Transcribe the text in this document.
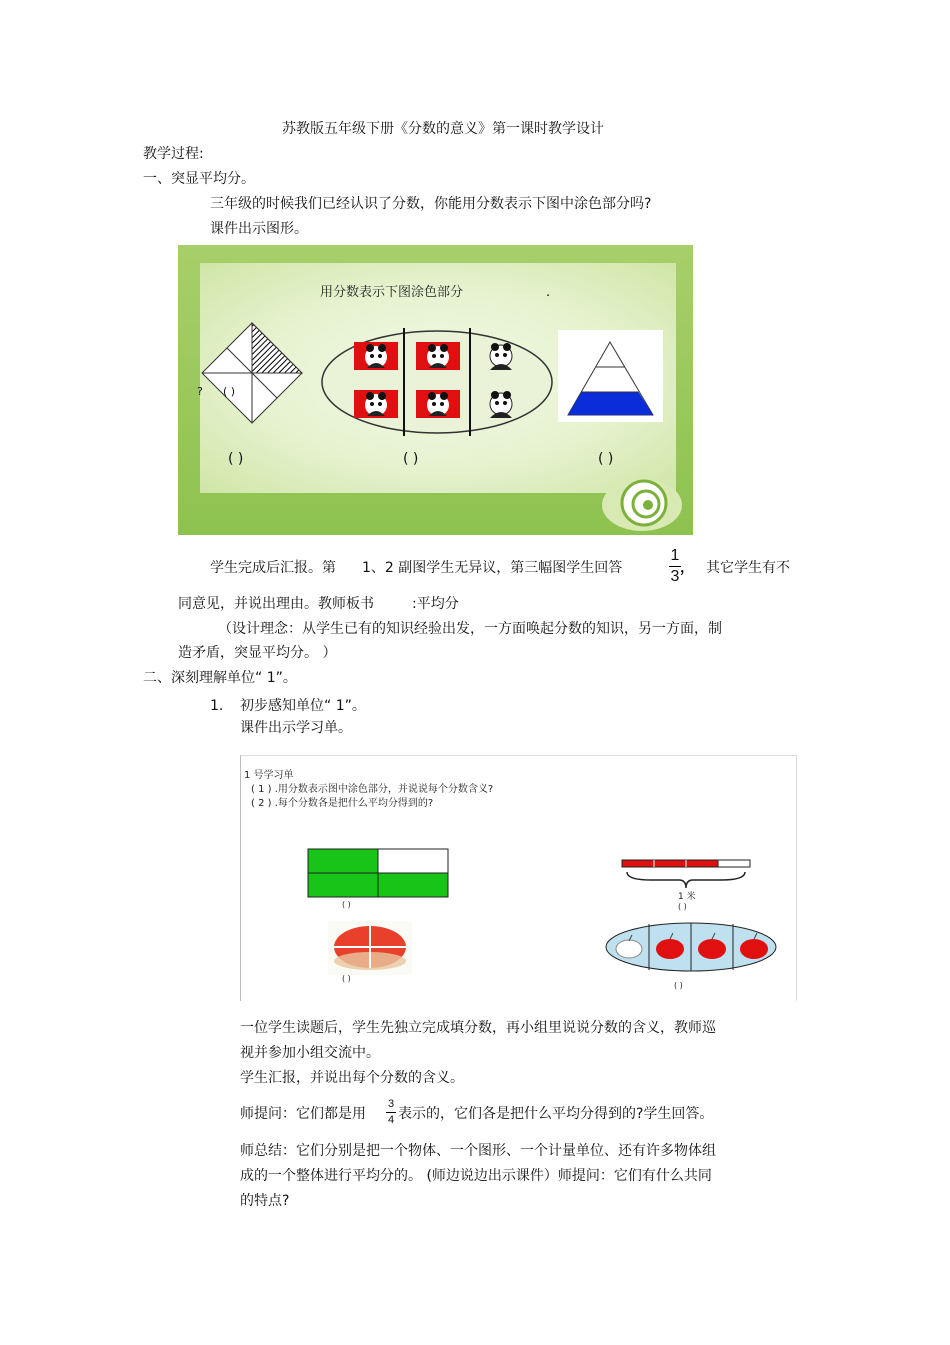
苏教版五年级下册《分数的意义》第一课时教学设计
教学过程:
一、突显平均分。
三年级的时候我们已经认识了分数，你能用分数表示下图中涂色部分吗?
课件出示图形。
用分数表示下图涂色部分	.
? ( )
( )	( )	( )
学生完成后汇报。第 1、2 副图学生无异议，第三幅图学生回答
1
3 ， 其它学生有不
同意见，并说出理由。教师板书	:平均分
（设计理念：从学生已有的知识经验出发，一方面唤起分数的知识，另一方面，制
造矛盾，突显平均分。 ）
二、深刻理解单位“ 1”。
1. 初步感知单位“ 1”。
课件出示学习单。
1 号学习单
( 1 ) .用分数表示图中涂色部分，并说说每个分数含义?
( 2 ) .每个分数各是把什么平均分得到的?
( )
( )
1 米
( )
( )
一位学生读题后，学生先独立完成填分数，再小组里说说分数的含义，教师巡
视并参加小组交流中。
学生汇报，并说出每个分数的含义。
师提问：它们都是用
3
4 表示的，它们各是把什么平均分得到的?学生回答。
师总结：它们分别是把一个物体、一个图形、一个计量单位、还有许多物体组
成的一个整体进行平均分的。 (师边说边出示课件）师提问：它们有什么共同
的特点?
